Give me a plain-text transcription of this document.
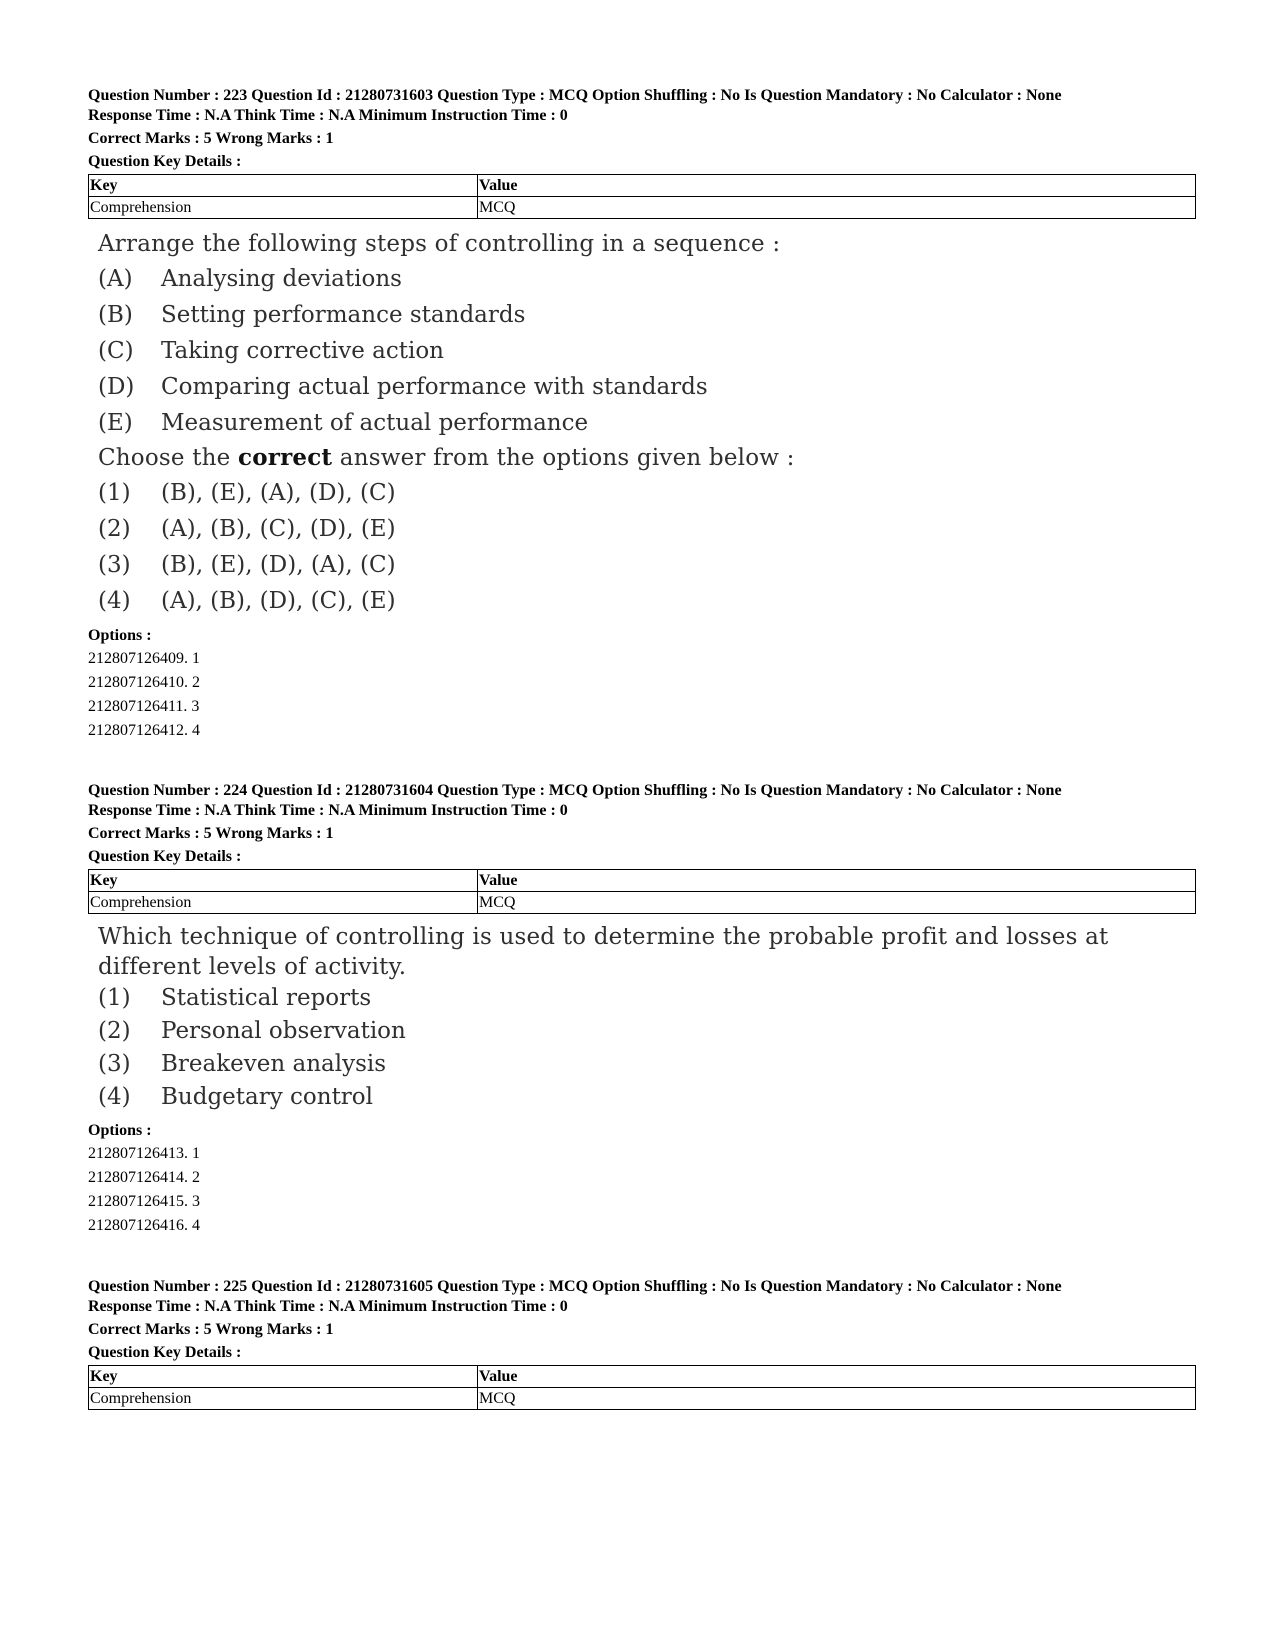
Question Number : 223 Question Id : 21280731603 Question Type : MCQ Option Shuffling : No Is Question Mandatory : No Calculator : None
Response Time : N.A Think Time : N.A Minimum Instruction Time : 0
Correct Marks : 5 Wrong Marks : 1
Question Key Details :
Key	Value
Comprehension	MCQ
Arrange the following steps of controlling in a sequence :
(A)	Analysing deviations
(B)	Setting performance standards
(C)	Taking corrective action
(D)	Comparing actual performance with standards
(E)	Measurement of actual performance
Choose the correct answer from the options given below :
(1)	(B), (E), (A), (D), (C)
(2)	(A), (B), (C), (D), (E)
(3)	(B), (E), (D), (A), (C)
(4)	(A), (B), (D), (C), (E)
Options :
212807126409. 1
212807126410. 2
212807126411. 3
212807126412. 4
Question Number : 224 Question Id : 21280731604 Question Type : MCQ Option Shuffling : No Is Question Mandatory : No Calculator : None
Response Time : N.A Think Time : N.A Minimum Instruction Time : 0
Correct Marks : 5 Wrong Marks : 1
Question Key Details :
Key	Value
Comprehension	MCQ
Which technique of controlling is used to determine the probable profit and losses at different levels of activity.
(1)	Statistical reports
(2)	Personal observation
(3)	Breakeven analysis
(4)	Budgetary control
Options :
212807126413. 1
212807126414. 2
212807126415. 3
212807126416. 4
Question Number : 225 Question Id : 21280731605 Question Type : MCQ Option Shuffling : No Is Question Mandatory : No Calculator : None
Response Time : N.A Think Time : N.A Minimum Instruction Time : 0
Correct Marks : 5 Wrong Marks : 1
Question Key Details :
Key	Value
Comprehension	MCQ
